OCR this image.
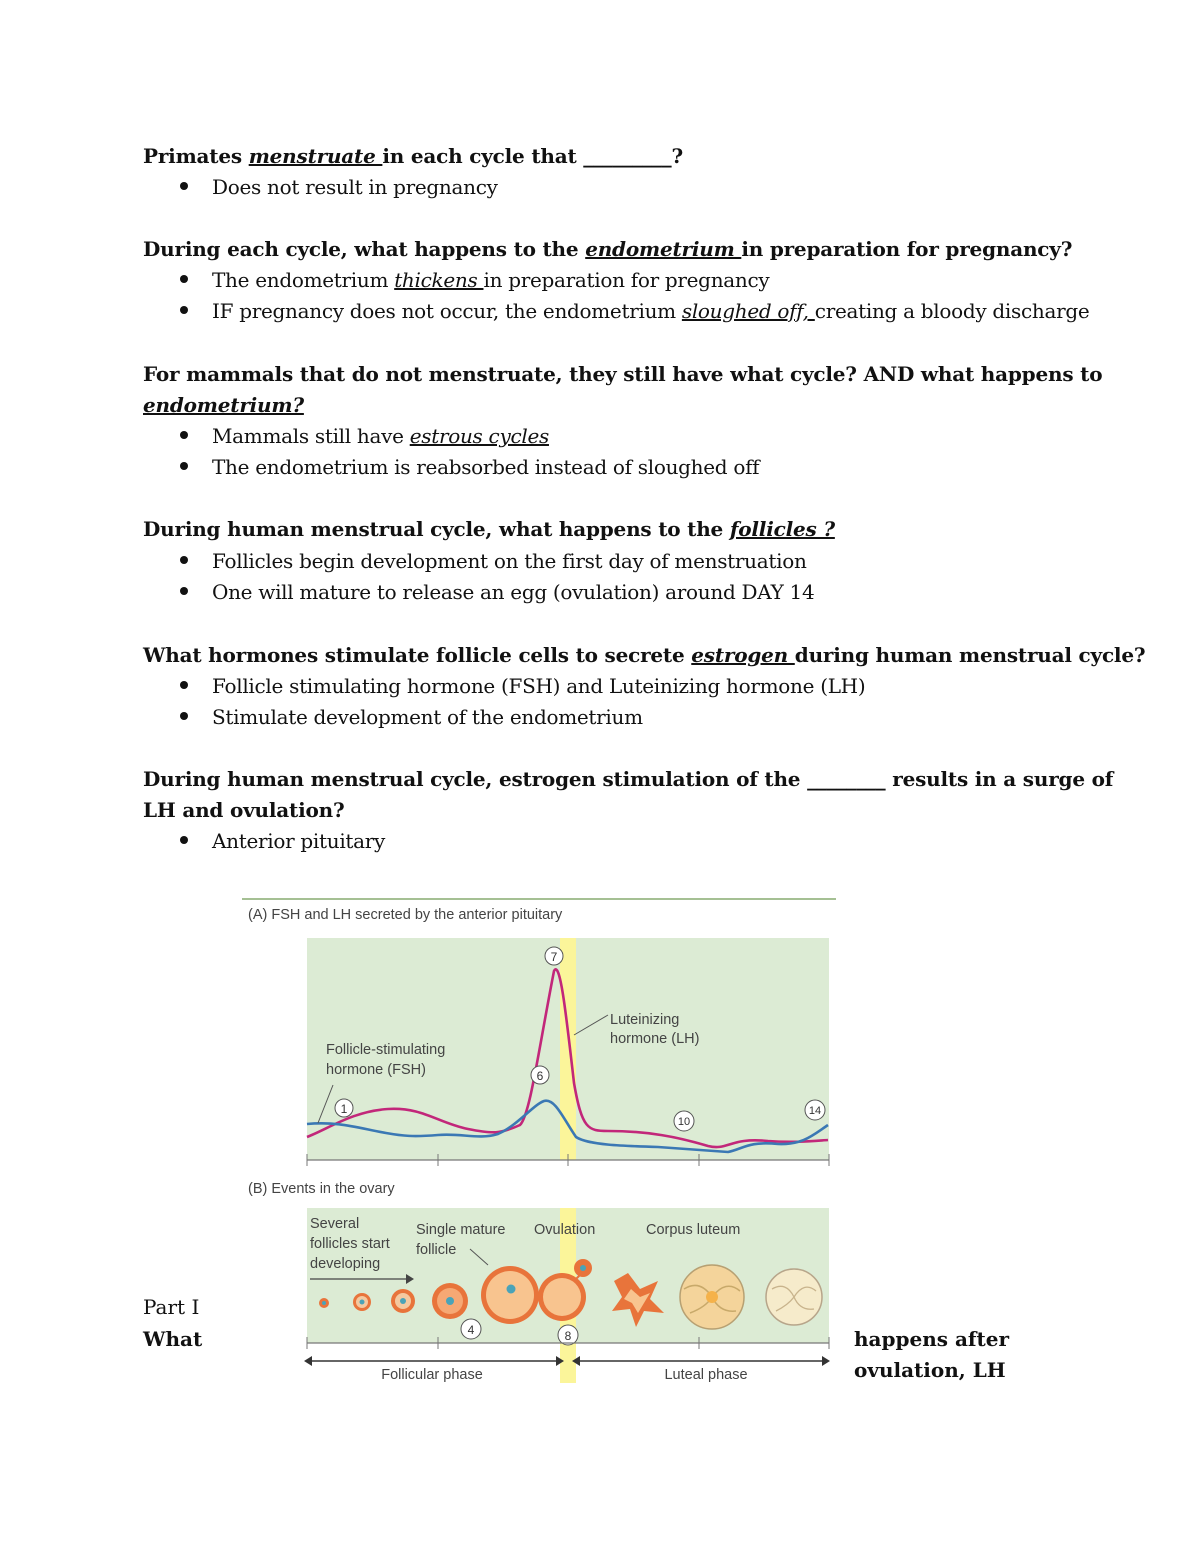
Primates menstruate in each cycle that _________?
Does not result in pregnancy
During each cycle, what happens to the endometrium in preparation for pregnancy?
The endometrium thickens in preparation for pregnancy
IF pregnancy does not occur, the endometrium sloughed off, creating a bloody discharge
For mammals that do not menstruate, they still have what cycle? AND what happens to
endometrium?
Mammals still have estrous cycles
The endometrium is reabsorbed instead of sloughed off
During human menstrual cycle, what happens to the follicles ?
Follicles begin development on the first day of menstruation
One will mature to release an egg (ovulation) around DAY 14
What hormones stimulate follicle cells to secrete estrogen during human menstrual cycle?
Follicle stimulating hormone (FSH) and Luteinizing hormone (LH)
Stimulate development of the endometrium
During human menstrual cycle, estrogen stimulation of the ________ results in a surge of
LH and ovulation?
Anterior pituitary
Part I
What	happens after
ovulation, LH
(A) FSH and LH secreted by the anterior pituitary
Luteinizing
hormone (LH)
Follicle-stimulating
hormone (FSH)
1
6
7
10
14
(B) Events in the ovary
Several
follicles start
developing
Single mature
follicle
Ovulation	Corpus luteum
4	8
Follicular phase	Luteal phase
